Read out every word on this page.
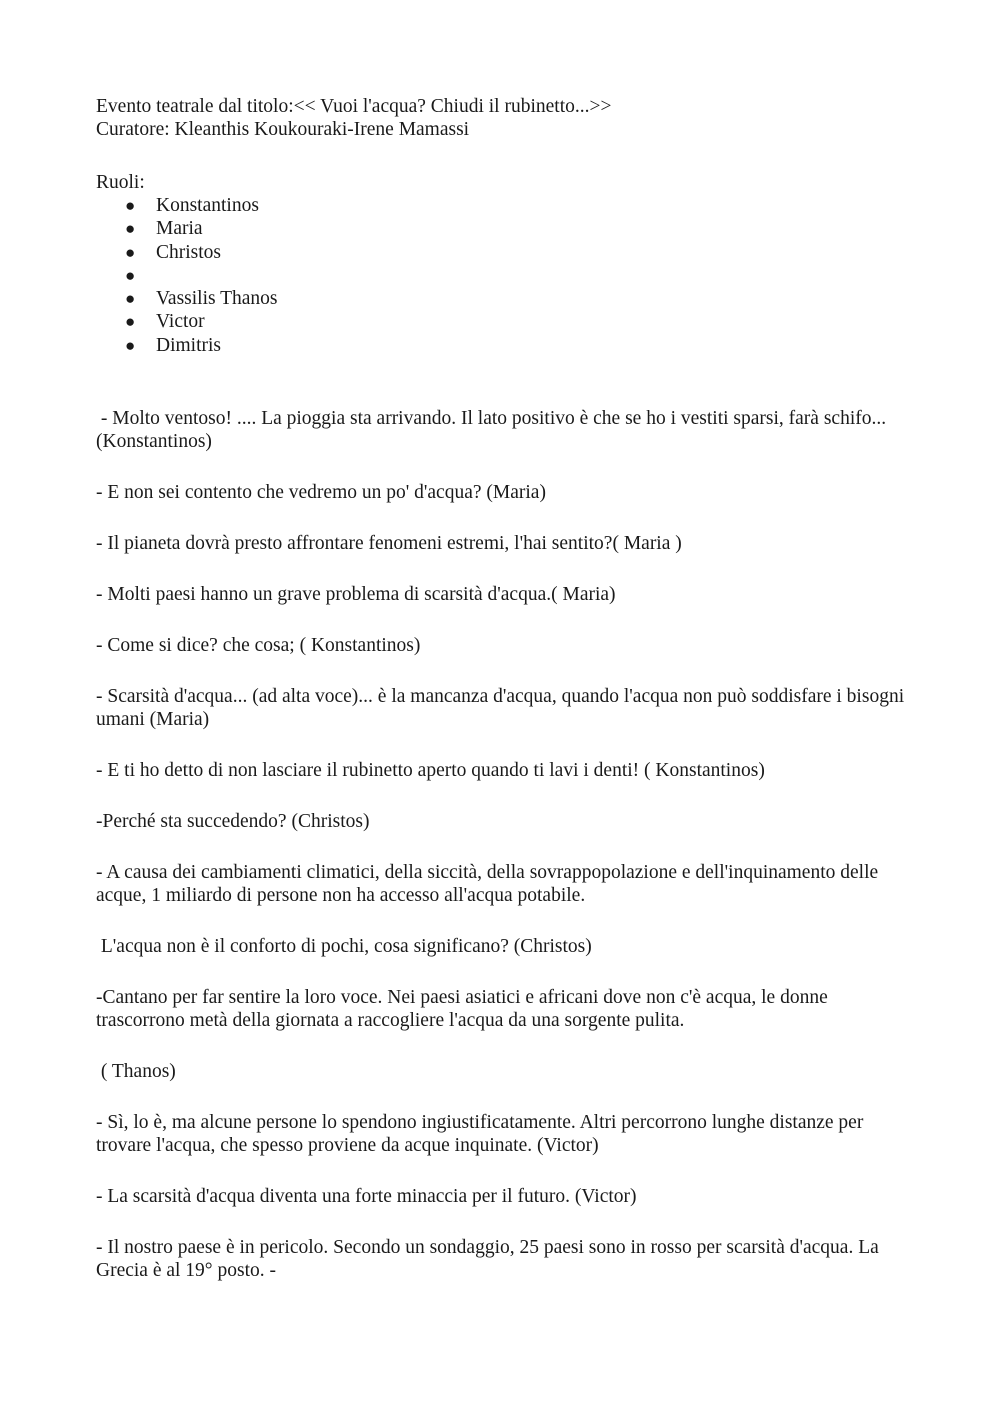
Evento teatrale dal titolo:<< Vuoi l'acqua? Chiudi il rubinetto...>>

Curatore: Kleanthis Koukouraki-Irene Mamassi

Ruoli:

● Konstantinos
● Maria
● Christos
●
● Vassilis Thanos
● Victor
● Dimitris

- Molto ventoso! .... La pioggia sta arrivando. Il lato positivo è che se ho i vestiti sparsi, farà schifo... (Konstantinos)

- E non sei contento che vedremo un po' d'acqua? (Maria)

- Il pianeta dovrà presto affrontare fenomeni estremi, l'hai sentito?( Maria )

- Molti paesi hanno un grave problema di scarsità d'acqua.( Maria)

- Come si dice? che cosa; ( Konstantinos)

- Scarsità d'acqua... (ad alta voce)... è la mancanza d'acqua, quando l'acqua non può soddisfare i bisogni umani (Maria)

- E ti ho detto di non lasciare il rubinetto aperto quando ti lavi i denti! ( Konstantinos)

-Perché sta succedendo? (Christos)

- A causa dei cambiamenti climatici, della siccità, della sovrappopolazione e dell'inquinamento delle acque, 1 miliardo di persone non ha accesso all'acqua potabile.

L'acqua non è il conforto di pochi, cosa significano? (Christos)

-Cantano per far sentire la loro voce. Nei paesi asiatici e africani dove non c'è acqua, le donne trascorrono metà della giornata a raccogliere l'acqua da una sorgente pulita.

( Thanos)

- Sì, lo è, ma alcune persone lo spendono ingiustificatamente. Altri percorrono lunghe distanze per trovare l'acqua, che spesso proviene da acque inquinate. (Victor)

- La scarsità d'acqua diventa una forte minaccia per il futuro. (Victor)

- Il nostro paese è in pericolo. Secondo un sondaggio, 25 paesi sono in rosso per scarsità d'acqua. La Grecia è al 19° posto. -
